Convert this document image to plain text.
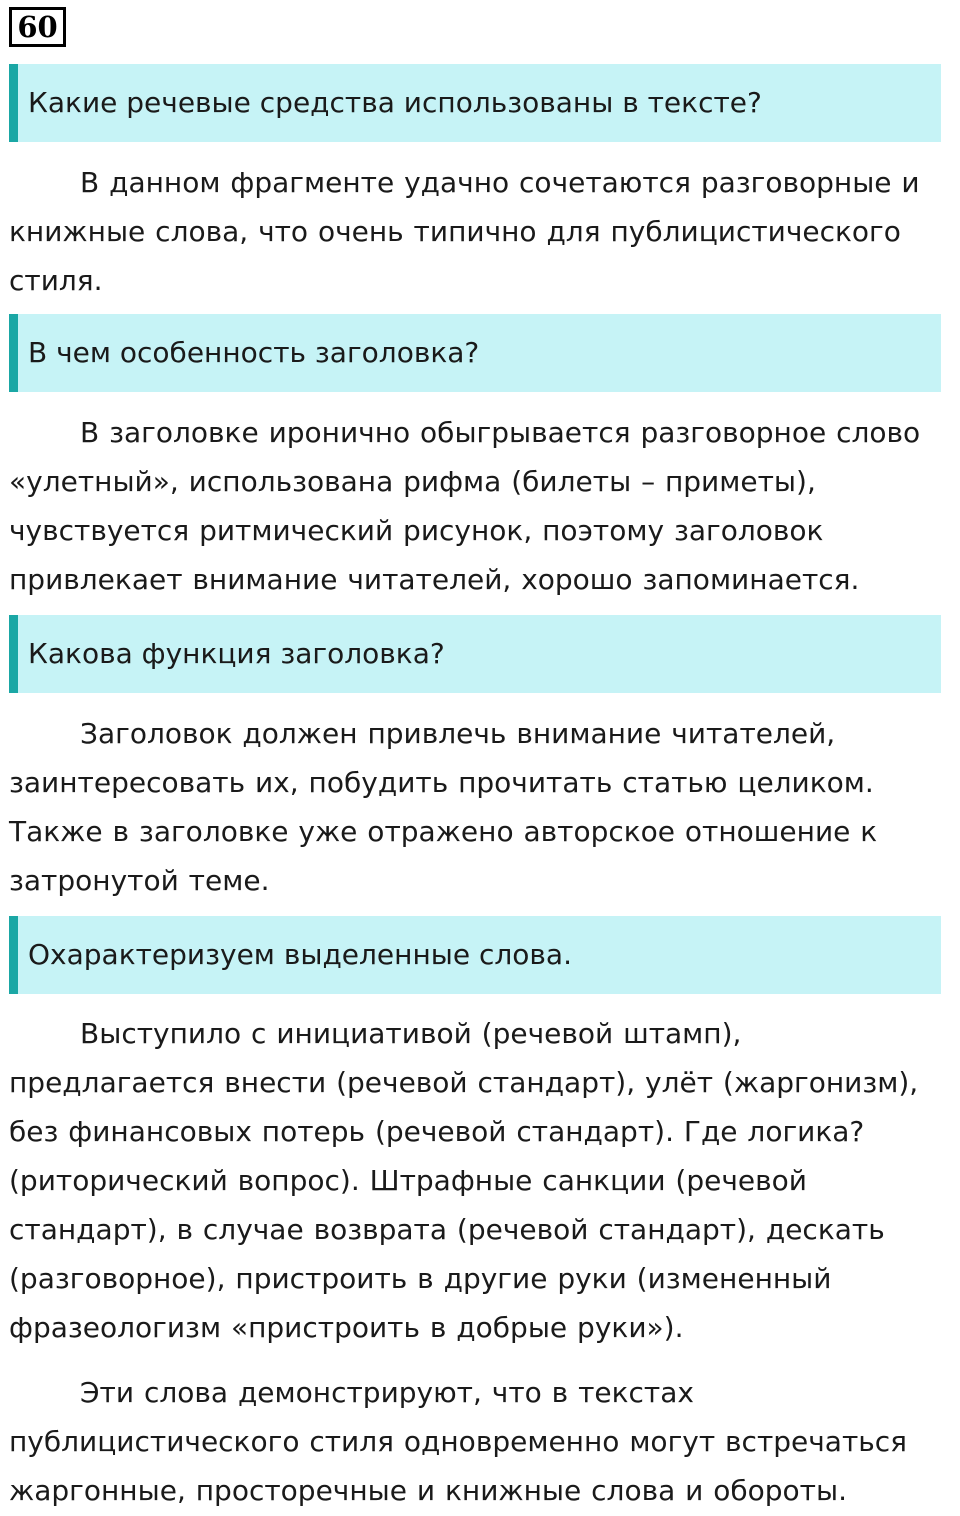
60
Какие речевые средства использованы в тексте?

В данном фрагменте удачно сочетаются разговорные и книжные слова, что очень типично для публицистического стиля.

В чем особенность заголовка?

В заголовке иронично обыгрывается разговорное слово «улетный», использована рифма (билеты – приметы), чувствуется ритмический рисунок, поэтому заголовок привлекает внимание читателей, хорошо запоминается.

Какова функция заголовка?

Заголовок должен привлечь внимание читателей, заинтересовать их, побудить прочитать статью целиком. Также в заголовке уже отражено авторское отношение к затронутой теме.

Охарактеризуем выделенные слова.

Выступило с инициативой (речевой штамп), предлагается внести (речевой стандарт), улёт (жаргонизм), без финансовых потерь (речевой стандарт). Где логика? (риторический вопрос). Штрафные санкции (речевой стандарт), в случае возврата (речевой стандарт), дескать (разговорное), пристроить в другие руки (измененный фразеологизм «пристроить в добрые руки»).

Эти слова демонстрируют, что в текстах публицистического стиля одновременно могут встречаться жаргонные, просторечные и книжные слова и обороты.
